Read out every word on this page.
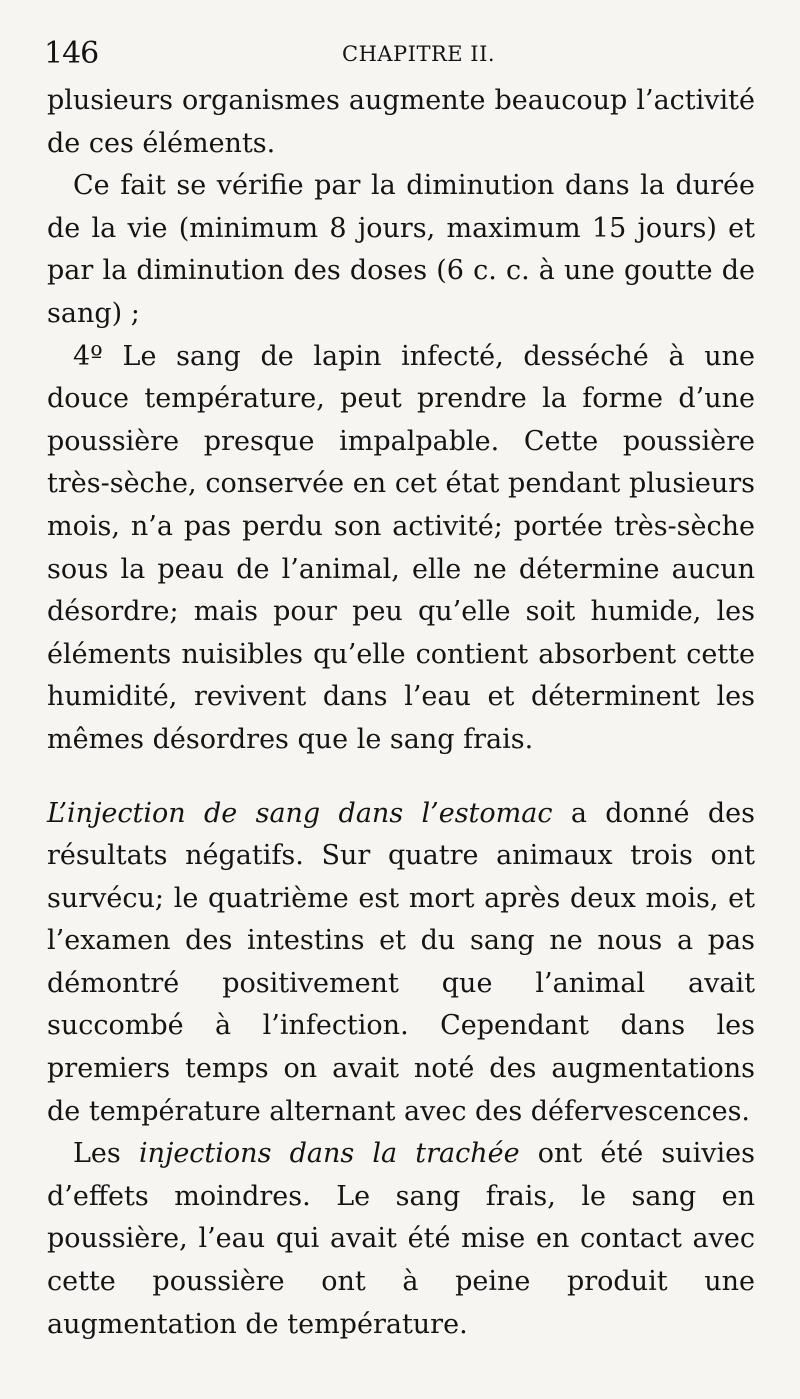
146	CHAPITRE II.

plusieurs organismes augmente beaucoup l’activité de ces éléments.

Ce fait se vérifie par la diminution dans la durée de la vie (minimum 8 jours, maximum 15 jours) et par la diminution des doses (6 c. c. à une goutte de sang) ;

4º Le sang de lapin infecté, desséché à une douce température, peut prendre la forme d’une poussière presque impalpable. Cette poussière très-sèche, conservée en cet état pendant plusieurs mois, n’a pas perdu son activité; portée très-sèche sous la peau de l’animal, elle ne détermine aucun désordre; mais pour peu qu’elle soit humide, les éléments nuisibles qu’elle contient absorbent cette humidité, revivent dans l’eau et déterminent les mêmes désordres que le sang frais.

L’injection de sang dans l’estomac a donné des résultats négatifs. Sur quatre animaux trois ont survécu; le quatrième est mort après deux mois, et l’examen des intestins et du sang ne nous a pas démontré positivement que l’animal avait succombé à l’infection. Cependant dans les premiers temps on avait noté des augmentations de température alternant avec des défervescences.

Les injections dans la trachée ont été suivies d’effets moindres. Le sang frais, le sang en poussière, l’eau qui avait été mise en contact avec cette poussière ont à peine produit une augmentation de température.
